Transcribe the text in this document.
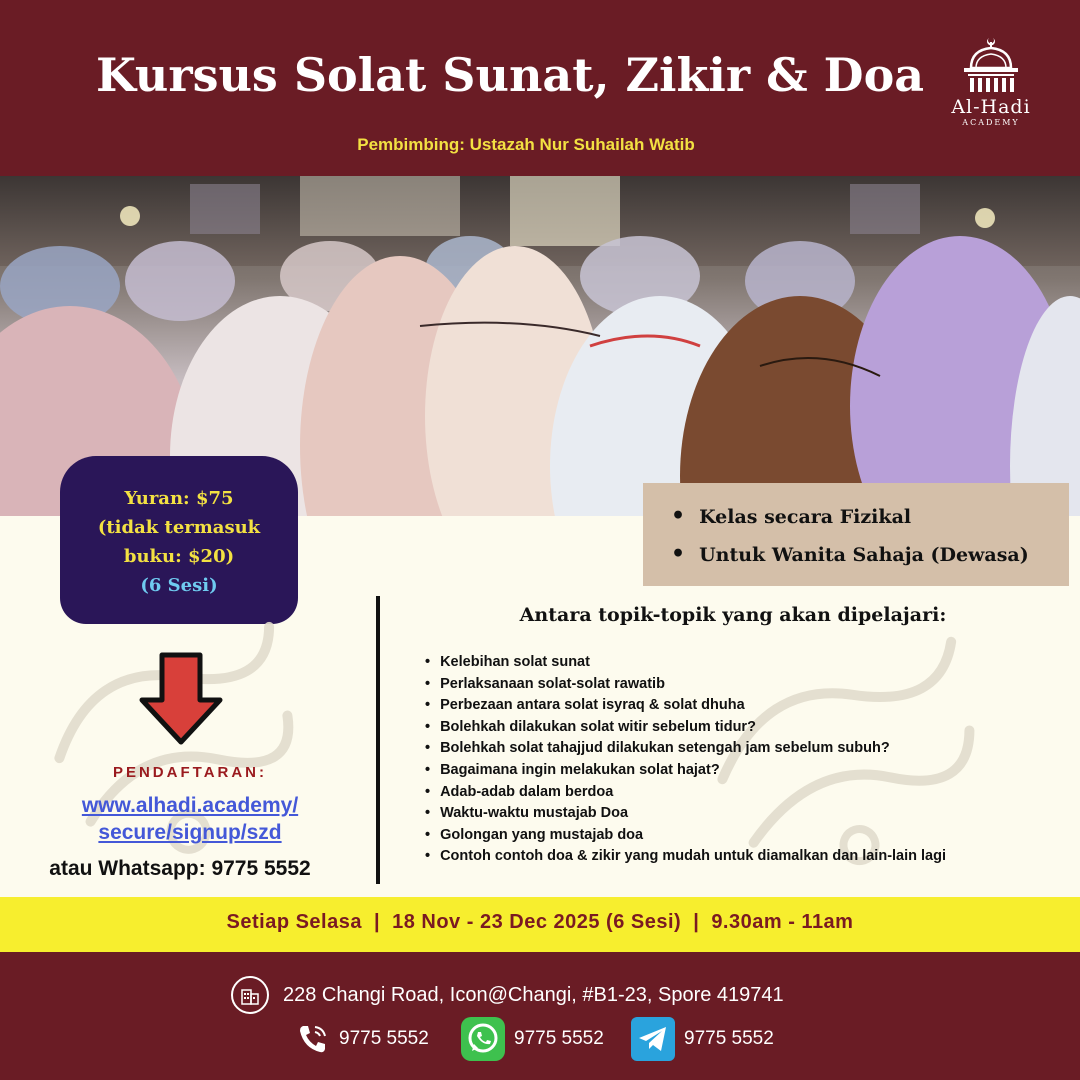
Kursus Solat Sunat, Zikir & Doa
Pembimbing: Ustazah Nur Suhailah Watib
Al-Hadi
ACADEMY
Yuran: $75
(tidak termasuk
buku: $20)
(6 Sesi)
• Kelas secara Fizikal
• Untuk Wanita Sahaja (Dewasa)
PENDAFTARAN:
www.alhadi.academy/
secure/signup/szd
atau Whatsapp: 9775 5552
Antara topik-topik yang akan dipelajari:
• Kelebihan solat sunat
• Perlaksanaan solat-solat rawatib
• Perbezaan antara solat isyraq & solat dhuha
• Bolehkah dilakukan solat witir sebelum tidur?
• Bolehkah solat tahajjud dilakukan setengah jam sebelum subuh?
• Bagaimana ingin melakukan solat hajat?
• Adab-adab dalam berdoa
• Waktu-waktu mustajab Doa
• Golongan yang mustajab doa
• Contoh contoh doa & zikir yang mudah untuk diamalkan dan lain-lain lagi
Setiap Selasa | 18 Nov - 23 Dec 2025 (6 Sesi) | 9.30am - 11am
228 Changi Road, Icon@Changi, #B1-23, Spore 419741
9775 5552	9775 5552	9775 5552
